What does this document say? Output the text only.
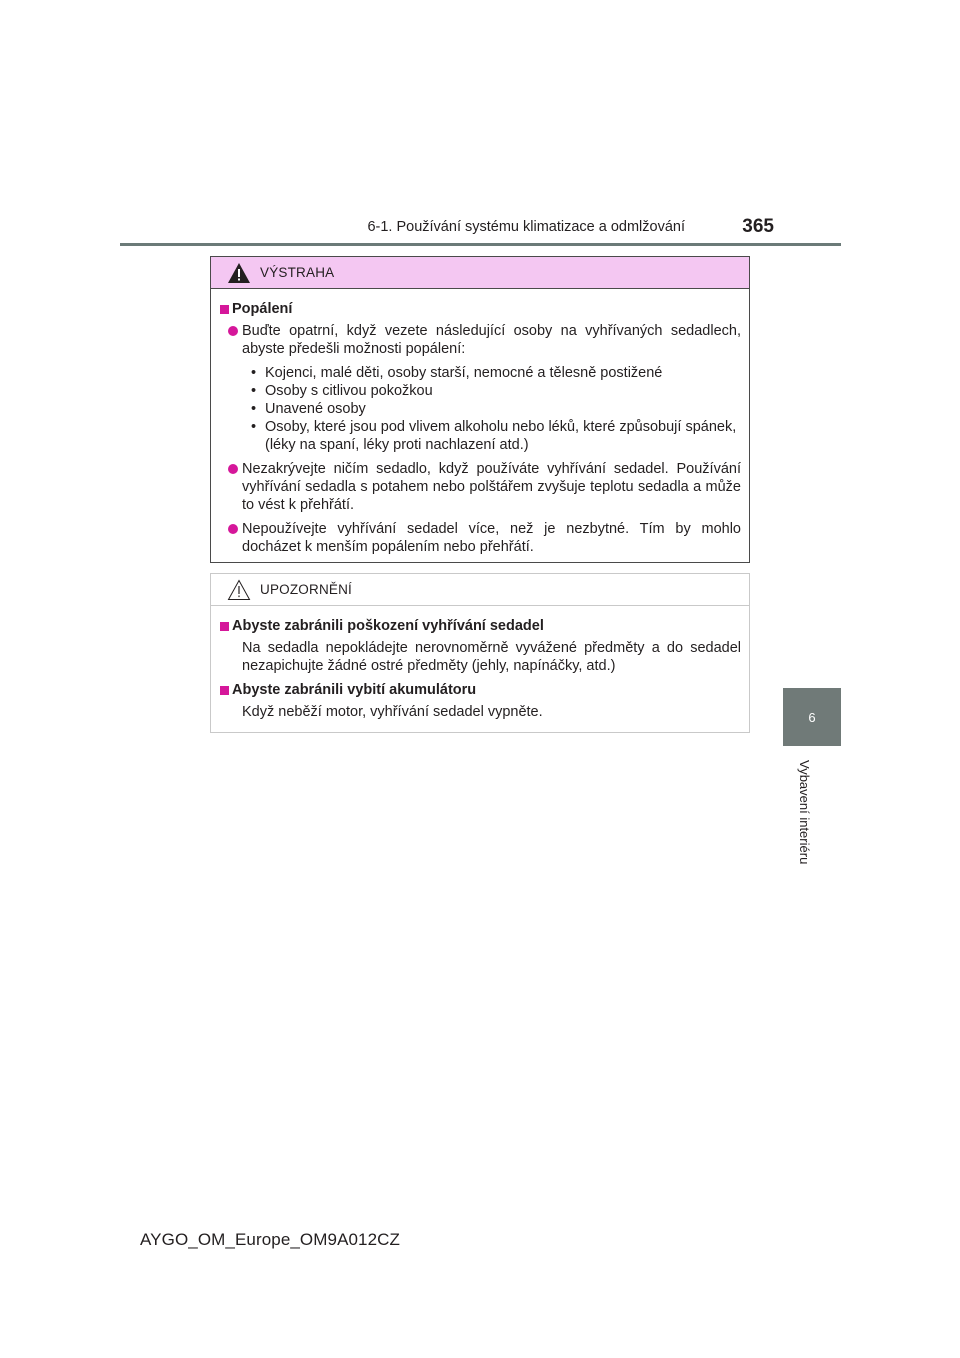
6-1. Používání systému klimatizace a odmlžování	365
6
Vybavení interiéru
VÝSTRAHA
Popálení
Buďte opatrní, když vezete následující osoby na vyhřívaných sedadlech, abyste předešli možnosti popálení:
• Kojenci, malé děti, osoby starší, nemocné a tělesně postižené
• Osoby s citlivou pokožkou
• Unavené osoby
• Osoby, které jsou pod vlivem alkoholu nebo léků, které způsobují spánek, (léky na spaní, léky proti nachlazení atd.)
Nezakrývejte ničím sedadlo, když používáte vyhřívání sedadel. Používání vyhřívání sedadla s potahem nebo polštářem zvyšuje teplotu sedadla a může to vést k přehřátí.
Nepoužívejte vyhřívání sedadel více, než je nezbytné. Tím by mohlo docházet k menším popálením nebo přehřátí.
UPOZORNĚNÍ
Abyste zabránili poškození vyhřívání sedadel
Na sedadla nepokládejte nerovnoměrně vyvážené předměty a do sedadel nezapichujte žádné ostré předměty (jehly, napínáčky, atd.)
Abyste zabránili vybití akumulátoru
Když neběží motor, vyhřívání sedadel vypněte.
AYGO_OM_Europe_OM9A012CZ
